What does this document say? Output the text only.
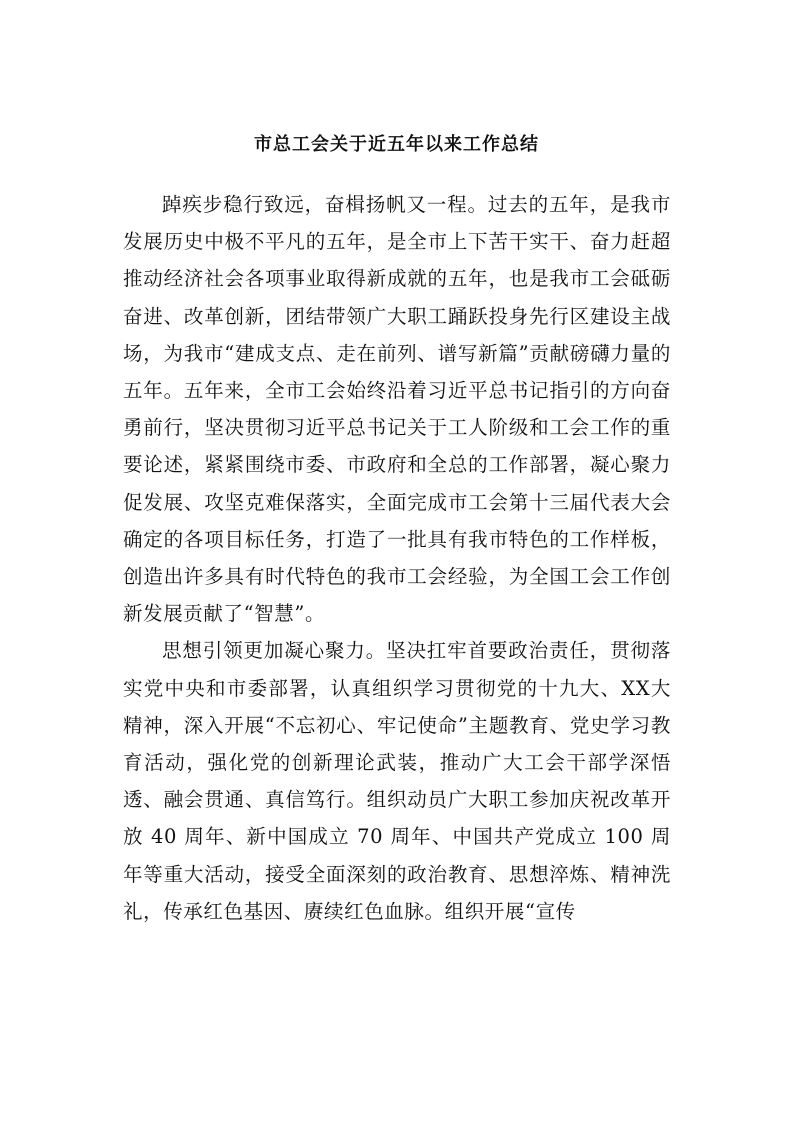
市总工会关于近五年以来工作总结

踔疾步稳行致远，奋楫扬帆又一程。过去的五年，是我市发展历史中极不平凡的五年，是全市上下苦干实干、奋力赶超推动经济社会各项事业取得新成就的五年，也是我市工会砥砺奋进、改革创新，团结带领广大职工踊跃投身先行区建设主战场，为我市“建成支点、走在前列、谱写新篇”贡献磅礴力量的五年。五年来，全市工会始终沿着习近平总书记指引的方向奋勇前行，坚决贯彻习近平总书记关于工人阶级和工会工作的重要论述，紧紧围绕市委、市政府和全总的工作部署，凝心聚力促发展、攻坚克难保落实，全面完成市工会第十三届代表大会确定的各项目标任务，打造了一批具有我市特色的工作样板，创造出许多具有时代特色的我市工会经验，为全国工会工作创新发展贡献了“智慧”。

思想引领更加凝心聚力。坚决扛牢首要政治责任，贯彻落实党中央和市委部署，认真组织学习贯彻党的十九大、XX大精神，深入开展“不忘初心、牢记使命”主题教育、党史学习教育活动，强化党的创新理论武装，推动广大工会干部学深悟透、融会贯通、真信笃行。组织动员广大职工参加庆祝改革开放 40 周年、新中国成立 70 周年、中国共产党成立 100 周年等重大活动，接受全面深刻的政治教育、思想淬炼、精神洗礼，传承红色基因、赓续红色血脉。组织开展“宣传
